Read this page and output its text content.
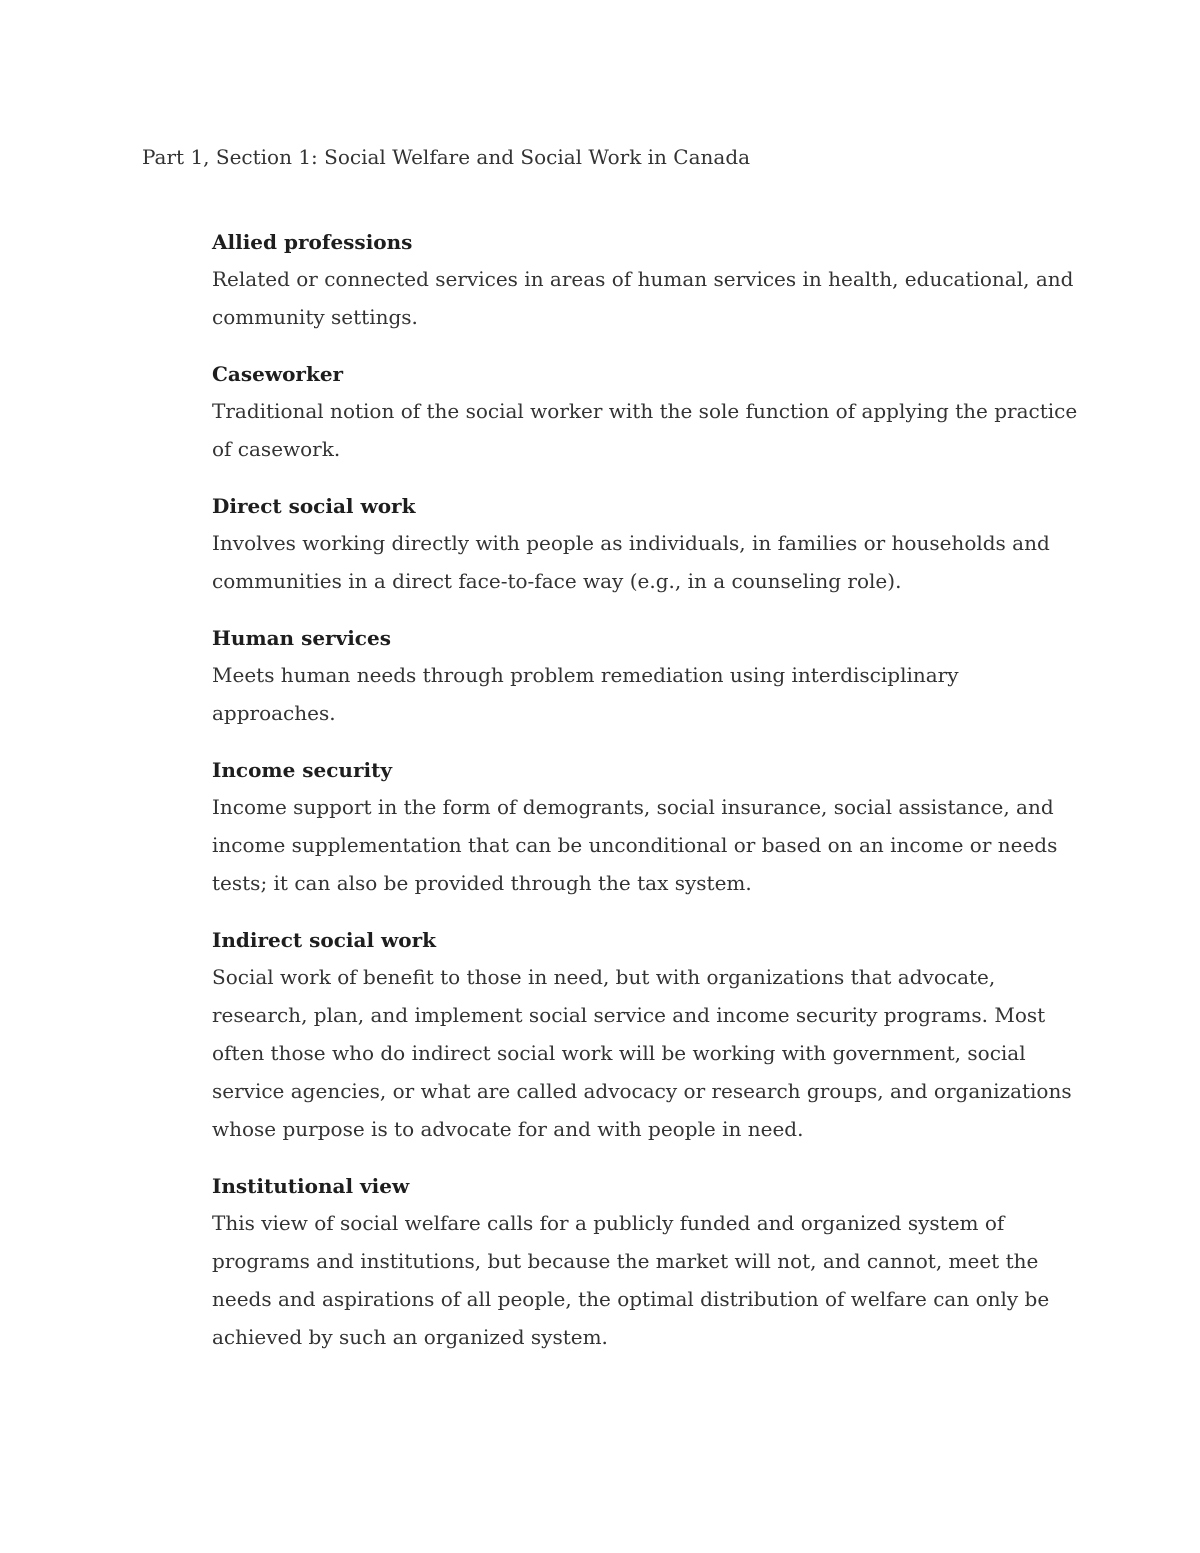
Part 1, Section 1: Social Welfare and Social Work in Canada
Allied professions

Related or connected services in areas of human services in health, educational, and community settings.

Caseworker

Traditional notion of the social worker with the sole function of applying the practice of casework.

Direct social work

Involves working directly with people as individuals, in families or households and communities in a direct face-to-face way (e.g., in a counseling role).

Human services

Meets human needs through problem remediation using interdisciplinary approaches.

Income security

Income support in the form of demogrants, social insurance, social assistance, and income supplementation that can be unconditional or based on an income or needs tests; it can also be provided through the tax system.

Indirect social work

Social work of benefit to those in need, but with organizations that advocate, research, plan, and implement social service and income security programs. Most often those who do indirect social work will be working with government, social service agencies, or what are called advocacy or research groups, and organizations whose purpose is to advocate for and with people in need.

Institutional view

This view of social welfare calls for a publicly funded and organized system of programs and institutions, but because the market will not, and cannot, meet the needs and aspirations of all people, the optimal distribution of welfare can only be achieved by such an organized system.
